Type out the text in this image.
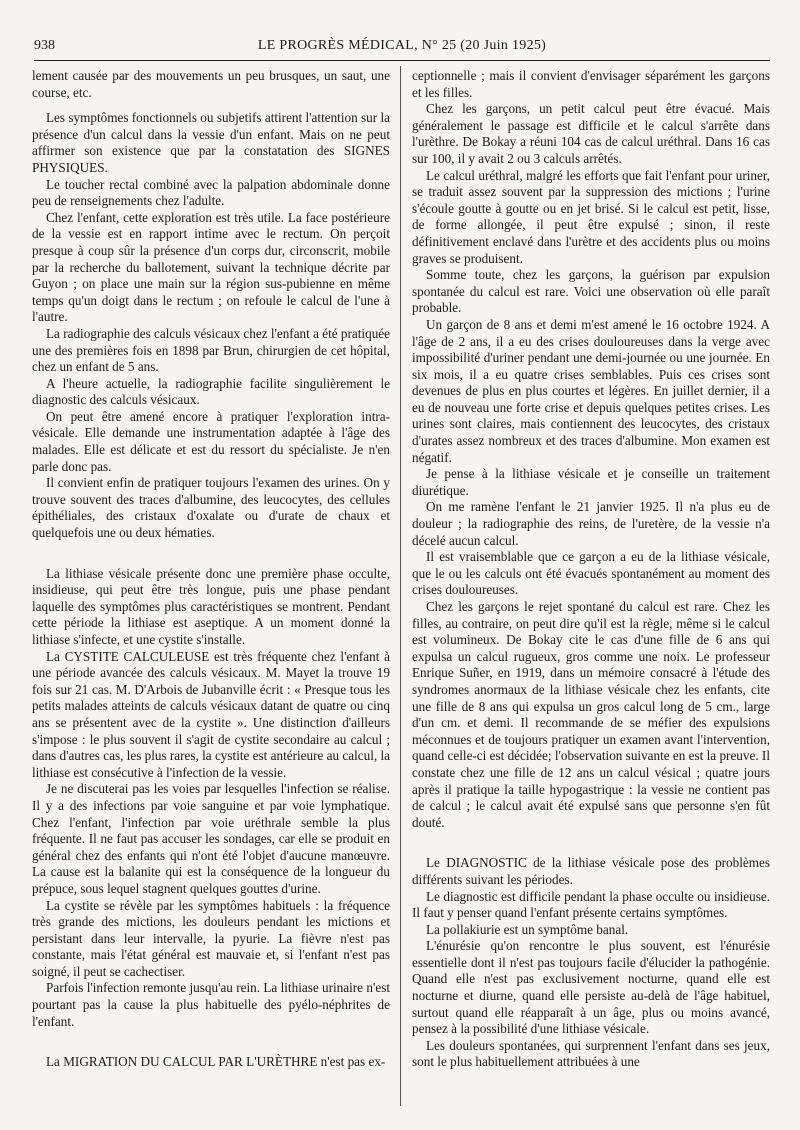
938	LE PROGRÈS MÉDICAL, N° 25 (20 Juin 1925)

lement causée par des mouvements un peu brusques, un saut, une course, etc.

Les symptômes fonctionnels ou subjetifs attirent l'attention sur la présence d'un calcul dans la vessie d'un enfant. Mais on ne peut affirmer son existence que par la constatation des SIGNES PHYSIQUES.

Le toucher rectal combiné avec la palpation abdominale donne peu de renseignements chez l'adulte.

Chez l'enfant, cette exploration est très utile. La face postérieure de la vessie est en rapport intime avec le rectum. On perçoit presque à coup sûr la présence d'un corps dur, circonscrit, mobile par la recherche du ballotement, suivant la technique décrite par Guyon ; on place une main sur la région sus-pubienne en même temps qu'un doigt dans le rectum ; on refoule le calcul de l'une à l'autre.

La radiographie des calculs vésicaux chez l'enfant a été pratiquée une des premières fois en 1898 par Brun, chirurgien de cet hôpital, chez un enfant de 5 ans.

A l'heure actuelle, la radiographie facilite singulièrement le diagnostic des calculs vésicaux.

On peut être amené encore à pratiquer l'exploration intra-vésicale. Elle demande une instrumentation adaptée à l'âge des malades. Elle est délicate et est du ressort du spécialiste. Je n'en parle donc pas.

Il convient enfin de pratiquer toujours l'examen des urines. On y trouve souvent des traces d'albumine, des leucocytes, des cellules épithéliales, des cristaux d'oxalate ou d'urate de chaux et quelquefois une ou deux hématies.

La lithiase vésicale présente donc une première phase occulte, insidieuse, qui peut être très longue, puis une phase pendant laquelle des symptômes plus caractéristiques se montrent. Pendant cette période la lithiase est aseptique. A un moment donné la lithiase s'infecte, et une cystite s'installe.

La CYSTITE CALCULEUSE est très fréquente chez l'enfant à une période avancée des calculs vésicaux. M. Mayet la trouve 19 fois sur 21 cas. M. D'Arbois de Jubanville écrit : « Presque tous les petits malades atteints de calculs vésicaux datant de quatre ou cinq ans se présentent avec de la cystite ». Une distinction d'ailleurs s'impose : le plus souvent il s'agit de cystite secondaire au calcul ; dans d'autres cas, les plus rares, la cystite est antérieure au calcul, la lithiase est consécutive à l'infection de la vessie.

Je ne discuterai pas les voies par lesquelles l'infection se réalise. Il y a des infections par voie sanguine et par voie lymphatique. Chez l'enfant, l'infection par voie uréthrale semble la plus fréquente. Il ne faut pas accuser les sondages, car elle se produit en général chez des enfants qui n'ont été l'objet d'aucune manœuvre. La cause est la balanite qui est la conséquence de la longueur du prépuce, sous lequel stagnent quelques gouttes d'urine.

La cystite se révèle par les symptômes habituels : la fréquence très grande des mictions, les douleurs pendant les mictions et persistant dans leur intervalle, la pyurie. La fièvre n'est pas constante, mais l'état général est mauvaie et, si l'enfant n'est pas soigné, il peut se cachectiser.

Parfois l'infection remonte jusqu'au rein. La lithiase urinaire n'est pourtant pas la cause la plus habituelle des pyélo-néphrites de l'enfant.

La MIGRATION DU CALCUL PAR L'URÈTHRE n'est pas ex-

ceptionnelle ; mais il convient d'envisager séparément les garçons et les filles.

Chez les garçons, un petit calcul peut être évacué. Mais généralement le passage est difficile et le calcul s'arrête dans l'urèthre. De Bokay a réuni 104 cas de calcul uréthral. Dans 16 cas sur 100, il y avait 2 ou 3 calculs arrêtés.

Le calcul uréthral, malgré les efforts que fait l'enfant pour uriner, se traduit assez souvent par la suppression des mictions ; l'urine s'écoule goutte à goutte ou en jet brisé. Si le calcul est petit, lisse, de forme allongée, il peut être expulsé ; sinon, il reste définitivement enclavé dans l'urètre et des accidents plus ou moins graves se produisent.

Somme toute, chez les garçons, la guérison par expulsion spontanée du calcul est rare. Voici une observation où elle paraît probable.

Un garçon de 8 ans et demi m'est amené le 16 octobre 1924. A l'âge de 2 ans, il a eu des crises douloureuses dans la verge avec impossibilité d'uriner pendant une demi-journée ou une journée. En six mois, il a eu quatre crises semblables. Puis ces crises sont devenues de plus en plus courtes et légères. En juillet dernier, il a eu de nouveau une forte crise et depuis quelques petites crises. Les urines sont claires, mais contiennent des leucocytes, des cristaux d'urates assez nombreux et des traces d'albumine. Mon examen est négatif.

Je pense à la lithiase vésicale et je conseille un traitement diurétique.

On me ramène l'enfant le 21 janvier 1925. Il n'a plus eu de douleur ; la radiographie des reins, de l'uretère, de la vessie n'a décelé aucun calcul.

Il est vraisemblable que ce garçon a eu de la lithiase vésicale, que le ou les calculs ont été évacués spontanément au moment des crises douloureuses.

Chez les garçons le rejet spontané du calcul est rare. Chez les filles, au contraire, on peut dire qu'il est la règle, même si le calcul est volumineux. De Bokay cite le cas d'une fille de 6 ans qui expulsa un calcul rugueux, gros comme une noix. Le professeur Enrique Suñer, en 1919, dans un mémoire consacré à l'étude des syndromes anormaux de la lithiase vésicale chez les enfants, cite une fille de 8 ans qui expulsa un gros calcul long de 5 cm., large d'un cm. et demi. Il recommande de se méfier des expulsions méconnues et de toujours pratiquer un examen avant l'intervention, quand celle-ci est décidée; l'observation suivante en est la preuve. Il constate chez une fille de 12 ans un calcul vésical ; quatre jours après il pratique la taille hypogastrique : la vessie ne contient pas de calcul ; le calcul avait été expulsé sans que personne s'en fût douté.

Le DIAGNOSTIC de la lithiase vésicale pose des problèmes différents suivant les périodes.

Le diagnostic est difficile pendant la phase occulte ou insidieuse. Il faut y penser quand l'enfant présente certains symptômes.

La pollakiurie est un symptôme banal.

L'énurésie qu'on rencontre le plus souvent, est l'énurésie essentielle dont il n'est pas toujours facile d'élucider la pathogénie. Quand elle n'est pas exclusivement nocturne, quand elle est nocturne et diurne, quand elle persiste au-delà de l'âge habituel, surtout quand elle réapparaît à un âge, plus ou moins avancé, pensez à la possibilité d'une lithiase vésicale.

Les douleurs spontanées, qui surprennent l'enfant dans ses jeux, sont le plus habituellement attribuées à une
